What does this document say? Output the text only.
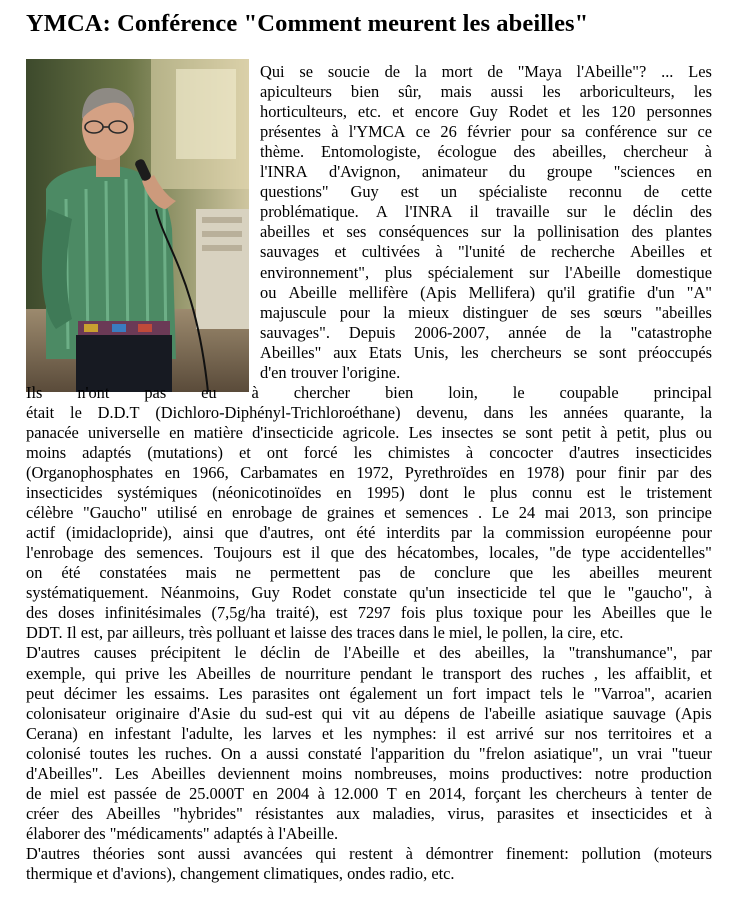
YMCA: Conférence "Comment meurent les abeilles"
Qui se soucie de la mort de "Maya l'Abeille"? ... Les
apiculteurs bien sûr, mais aussi les arboriculteurs, les
horticulteurs, etc. et encore Guy Rodet et les 120 personnes
présentes à l'YMCA ce 26 février pour sa conférence sur ce
thème. Entomologiste, écologue des abeilles, chercheur à
l'INRA d'Avignon, animateur du groupe "sciences en
questions" Guy est un spécialiste reconnu de cette
problématique. A l'INRA il travaille sur le déclin des
abeilles et ses conséquences sur la pollinisation des plantes
sauvages et cultivées à "l'unité de recherche Abeilles et
environnement", plus spécialement sur l'Abeille domestique
ou Abeille mellifère (Apis Mellifera) qu'il gratifie d'un "A"
majuscule pour la mieux distinguer de ses sœurs "abeilles
sauvages". Depuis 2006-2007, année de la "catastrophe
Abeilles" aux Etats Unis, les chercheurs se sont préoccupés
d'en trouver l'origine.
Ils n'ont pas eu à chercher bien loin, le coupable principal
était le D.D.T (Dichloro-Diphényl-Trichloroéthane) devenu, dans les années quarante, la
panacée universelle en matière d'insecticide agricole. Les insectes se sont petit à petit, plus ou
moins adaptés (mutations) et ont forcé les chimistes à concocter d'autres insecticides
(Organophosphates en 1966, Carbamates en 1972, Pyrethroïdes en 1978) pour finir par des
insecticides systémiques (néonicotinoïdes en 1995) dont le plus connu est le tristement
célèbre "Gaucho" utilisé en enrobage de graines et semences . Le 24 mai 2013, son principe
actif (imidaclopride), ainsi que d'autres, ont été interdits par la commission européenne pour
l'enrobage des semences. Toujours est il que des hécatombes, locales, "de type accidentelles"
on été constatées mais ne permettent pas de conclure que les abeilles meurent
systématiquement. Néanmoins, Guy Rodet constate qu'un insecticide tel que le "gaucho", à
des doses infinitésimales (7,5g/ha traité), est 7297 fois plus toxique pour les Abeilles que le
DDT. Il est, par ailleurs, très polluant et laisse des traces dans le miel, le pollen, la cire, etc.
D'autres causes précipitent le déclin de l'Abeille et des abeilles, la "transhumance", par
exemple, qui prive les Abeilles de nourriture pendant le transport des ruches , les affaiblit, et
peut décimer les essaims. Les parasites ont également un fort impact tels le "Varroa", acarien
colonisateur originaire d'Asie du sud-est qui vit au dépens de l'abeille asiatique sauvage (Apis
Cerana) en infestant l'adulte, les larves et les nymphes: il est arrivé sur nos territoires et a
colonisé toutes les ruches. On a aussi constaté l'apparition du "frelon asiatique", un vrai "tueur
d'Abeilles". Les Abeilles deviennent moins nombreuses, moins productives: notre production
de miel est passée de 25.000T en 2004 à 12.000 T en 2014, forçant les chercheurs à tenter de
créer des Abeilles "hybrides" résistantes aux maladies, virus, parasites et insecticides et à
élaborer des "médicaments" adaptés à l'Abeille.
D'autres théories sont aussi avancées qui restent à démontrer finement: pollution (moteurs
thermique et d'avions), changement climatiques, ondes radio, etc.
